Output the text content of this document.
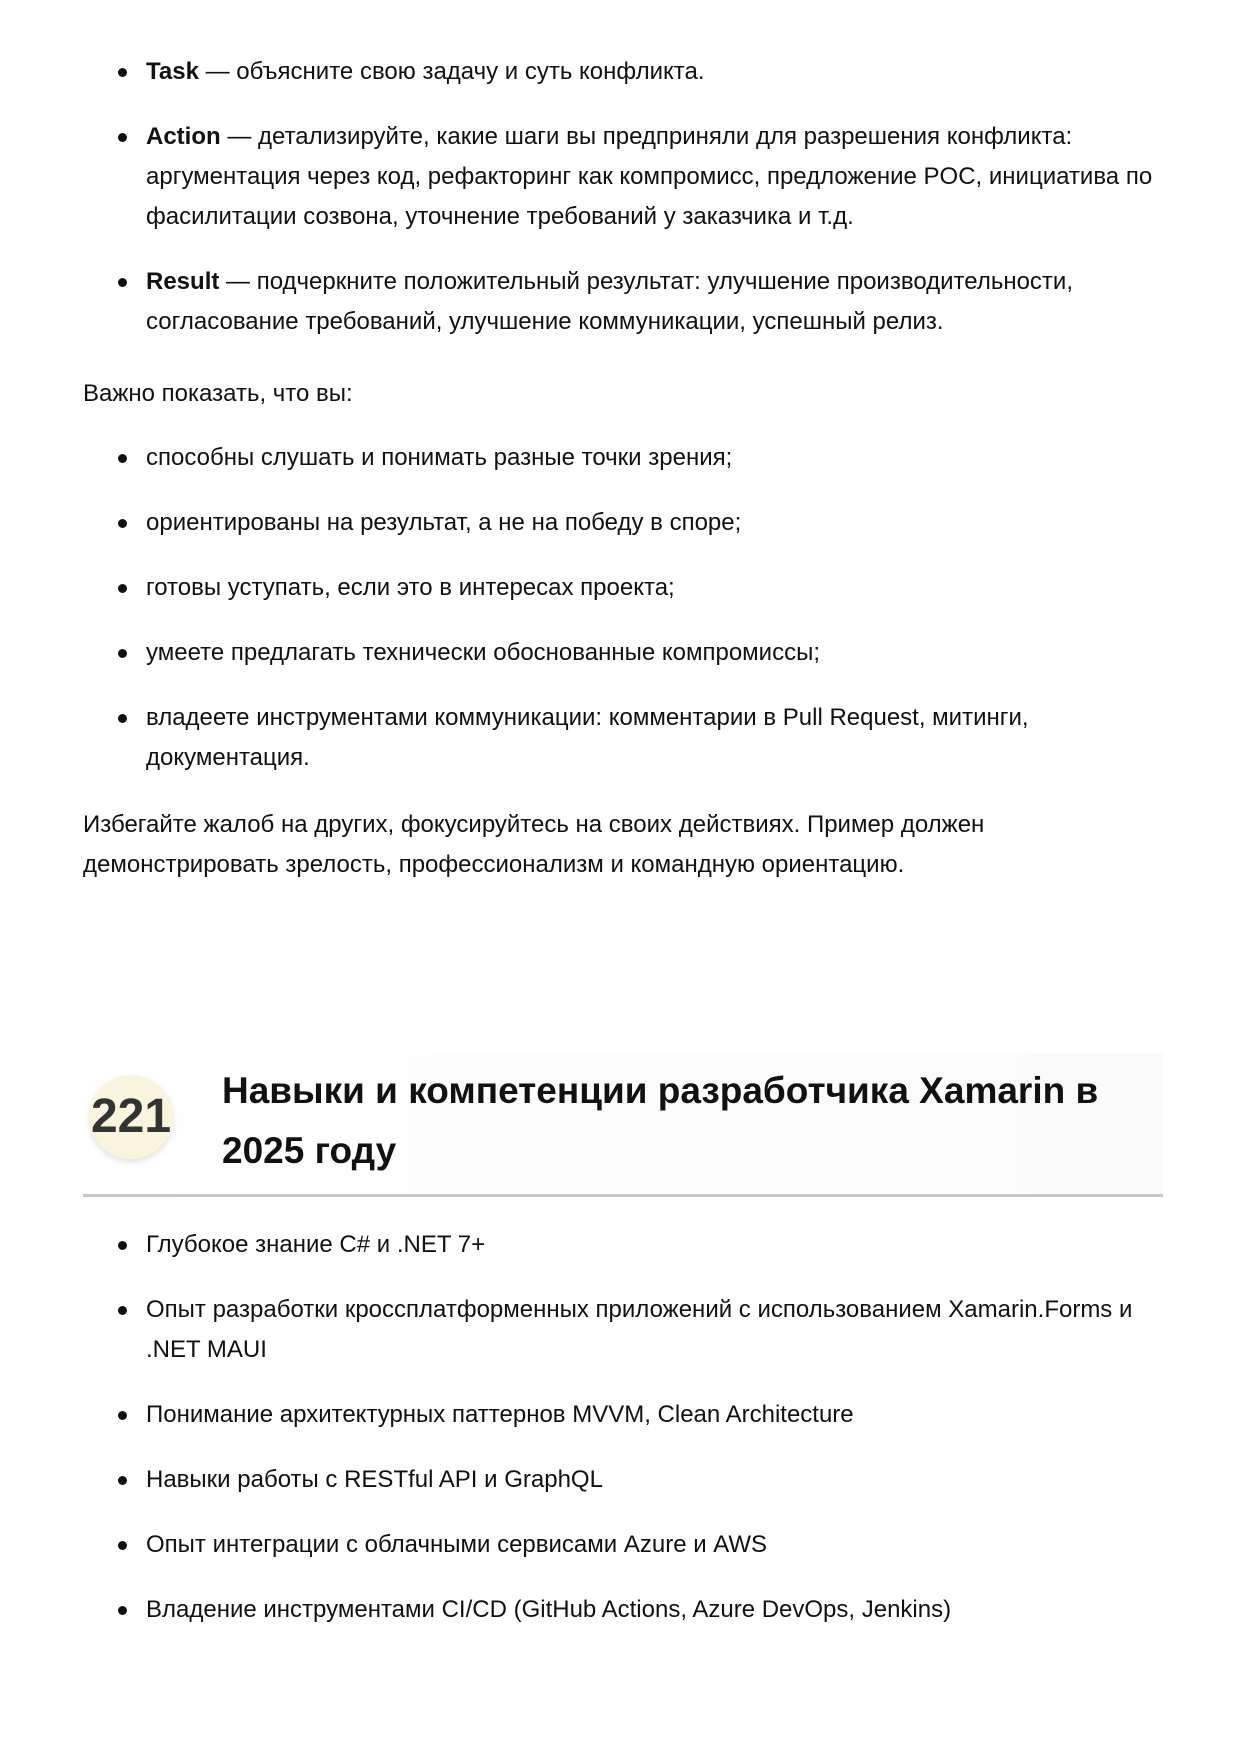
Task — объясните свою задачу и суть конфликта.
Action — детализируйте, какие шаги вы предприняли для разрешения конфликта: аргументация через код, рефакторинг как компромисс, предложение POC, инициатива по фасилитации созвона, уточнение требований у заказчика и т.д.
Result — подчеркните положительный результат: улучшение производительности, согласование требований, улучшение коммуникации, успешный релиз.

Важно показать, что вы:

способны слушать и понимать разные точки зрения;
ориентированы на результат, а не на победу в споре;
готовы уступать, если это в интересах проекта;
умеете предлагать технически обоснованные компромиссы;
владеете инструментами коммуникации: комментарии в Pull Request, митинги, документация.

Избегайте жалоб на других, фокусируйтесь на своих действиях. Пример должен демонстрировать зрелость, профессионализм и командную ориентацию.

221	Навыки и компетенции разработчика Xamarin в 2025 году
Глубокое знание C# и .NET 7+
Опыт разработки кроссплатформенных приложений с использованием Xamarin.Forms и .NET MAUI
Понимание архитектурных паттернов MVVM, Clean Architecture
Навыки работы с RESTful API и GraphQL
Опыт интеграции с облачными сервисами Azure и AWS
Владение инструментами CI/CD (GitHub Actions, Azure DevOps, Jenkins)
